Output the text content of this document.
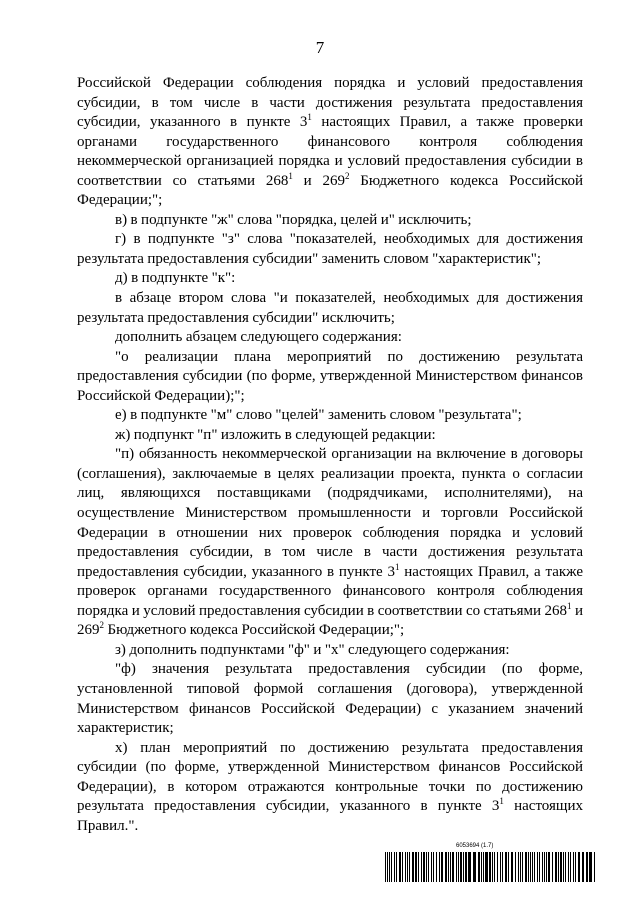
7

Российской Федерации соблюдения порядка и условий предоставления субсидии, в том числе в части достижения результата предоставления субсидии, указанного в пункте $3^1$ настоящих Правил, а также проверки органами государственного финансового контроля соблюдения некоммерческой организацией порядка и условий предоставления субсидии в соответствии со статьями $268^1$ и $269^2$ Бюджетного кодекса Российской Федерации;";

в) в подпункте "ж" слова "порядка, целей и" исключить;

г) в подпункте "з" слова "показателей, необходимых для достижения результата предоставления субсидии" заменить словом "характеристик";

д) в подпункте "к":

в абзаце втором слова "и показателей, необходимых для достижения результата предоставления субсидии" исключить;

дополнить абзацем следующего содержания:

"о реализации плана мероприятий по достижению результата предоставления субсидии (по форме, утвержденной Министерством финансов Российской Федерации);";

е) в подпункте "м" слово "целей" заменить словом "результата";

ж) подпункт "п" изложить в следующей редакции:

"п) обязанность некоммерческой организации на включение в договоры (соглашения), заключаемые в целях реализации проекта, пункта о согласии лиц, являющихся поставщиками (подрядчиками, исполнителями), на осуществление Министерством промышленности и торговли Российской Федерации в отношении них проверок соблюдения порядка и условий предоставления субсидии, в том числе в части достижения результата предоставления субсидии, указанного в пункте $3^1$ настоящих Правил, а также проверок органами государственного финансового контроля соблюдения порядка и условий предоставления субсидии в соответствии со статьями $268^1$ и $269^2$ Бюджетного кодекса Российской Федерации;";

з) дополнить подпунктами "ф" и "х" следующего содержания:

"ф) значения результата предоставления субсидии (по форме, установленной типовой формой соглашения (договора), утвержденной Министерством финансов Российской Федерации) с указанием значений характеристик;

х) план мероприятий по достижению результата предоставления субсидии (по форме, утвержденной Министерством финансов Российской Федерации), в котором отражаются контрольные точки по достижению результата предоставления субсидии, указанного в пункте $3^1$ настоящих Правил.".

6053694 (1.7)
